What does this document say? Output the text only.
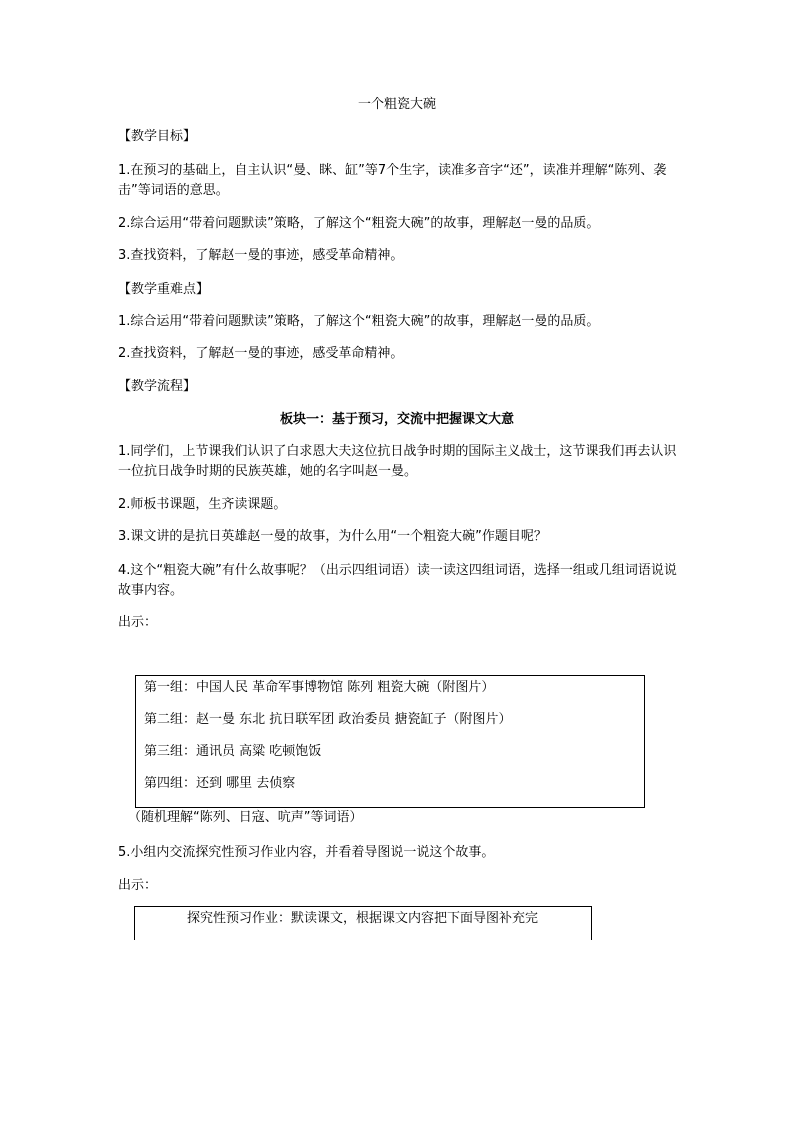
一个粗瓷大碗
【教学目标】
1.在预习的基础上，自主认识“曼、眯、缸”等7个生字，读准多音字“还”，读准并理解“陈列、袭击”等词语的意思。
2.综合运用“带着问题默读”策略，了解这个“粗瓷大碗”的故事，理解赵一曼的品质。
3.查找资料，了解赵一曼的事迹，感受革命精神。
【教学重难点】
1.综合运用“带着问题默读”策略，了解这个“粗瓷大碗”的故事，理解赵一曼的品质。
2.查找资料，了解赵一曼的事迹，感受革命精神。
【教学流程】
板块一：基于预习，交流中把握课文大意
1.同学们，上节课我们认识了白求恩大夫这位抗日战争时期的国际主义战士，这节课我们再去认识一位抗日战争时期的民族英雄，她的名字叫赵一曼。
2.师板书课题，生齐读课题。
3.课文讲的是抗日英雄赵一曼的故事，为什么用“一个粗瓷大碗”作题目呢？
4.这个“粗瓷大碗”有什么故事呢？（出示四组词语）读一读这四组词语，选择一组或几组词语说说故事内容。
出示：
第一组：中国人民 革命军事博物馆 陈列 粗瓷大碗（附图片）
第二组：赵一曼 东北 抗日联军团 政治委员 搪瓷缸子（附图片）
第三组：通讯员 高粱 吃顿饱饭
第四组：还到 哪里 去侦察
（随机理解“陈列、日寇、吭声”等词语）
5.小组内交流探究性预习作业内容，并看着导图说一说这个故事。
出示：
探究性预习作业：默读课文，根据课文内容把下面导图补充完
